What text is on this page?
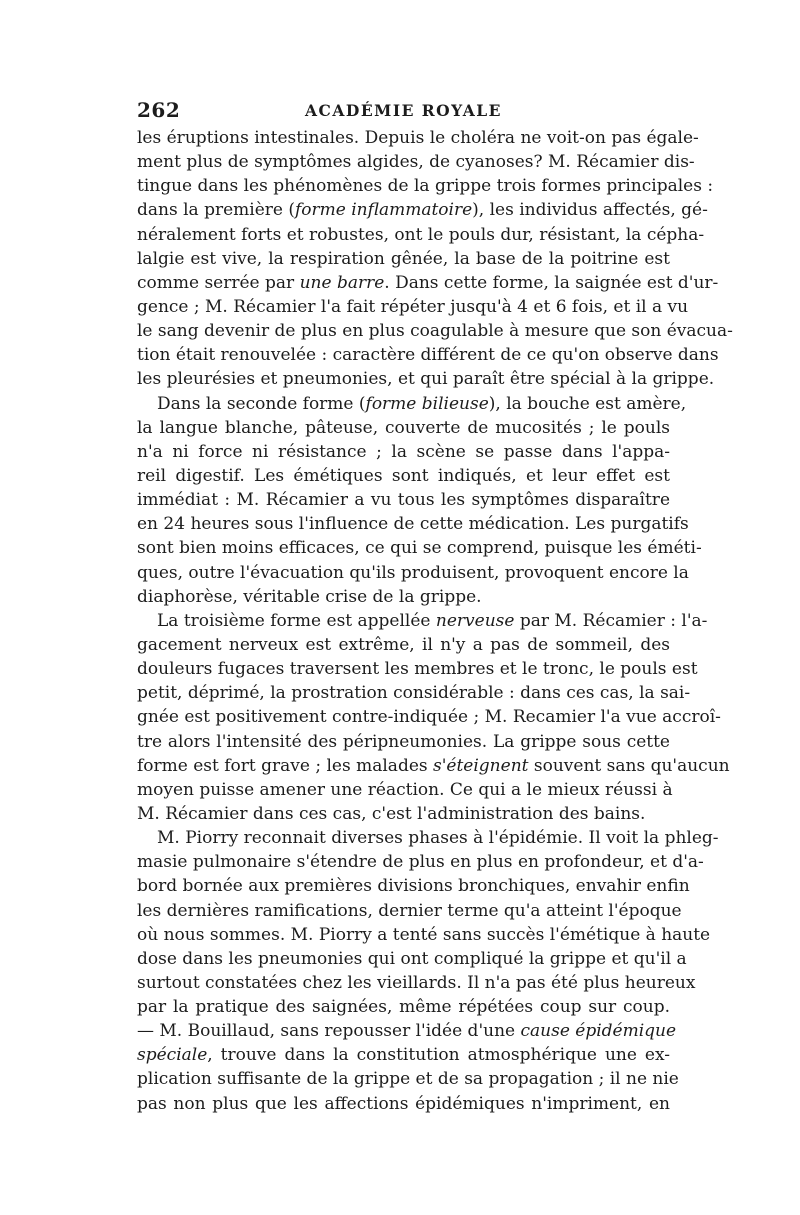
262	ACADÉMIE ROYALE
les éruptions intestinales. Depuis le choléra ne voit-on pas égale-
ment plus de symptômes algides, de cyanoses? M. Récamier dis-
tingue dans les phénomènes de la grippe trois formes principales :
dans la première (forme inflammatoire), les individus affectés, gé-
néralement forts et robustes, ont le pouls dur, résistant, la cépha-
lalgie est vive, la respiration gênée, la base de la poitrine est
comme serrée par une barre. Dans cette forme, la saignée est d'ur-
gence ; M. Récamier l'a fait répéter jusqu'à 4 et 6 fois, et il a vu
le sang devenir de plus en plus coagulable à mesure que son évacua-
tion était renouvelée : caractère différent de ce qu'on observe dans
les pleurésies et pneumonies, et qui paraît être spécial à la grippe.
Dans la seconde forme (forme bilieuse), la bouche est amère,
la langue blanche, pâteuse, couverte de mucosités ; le pouls
n'a ni force ni résistance ; la scène se passe dans l'appa-
reil digestif. Les émétiques sont indiqués, et leur effet est
immédiat : M. Récamier a vu tous les symptômes disparaître
en 24 heures sous l'influence de cette médication. Les purgatifs
sont bien moins efficaces, ce qui se comprend, puisque les éméti-
ques, outre l'évacuation qu'ils produisent, provoquent encore la
diaphorèse, véritable crise de la grippe.
La troisième forme est appellée nerveuse par M. Récamier : l'a-
gacement nerveux est extrême, il n'y a pas de sommeil, des
douleurs fugaces traversent les membres et le tronc, le pouls est
petit, déprimé, la prostration considérable : dans ces cas, la sai-
gnée est positivement contre-indiquée ; M. Recamier l'a vue accroî-
tre alors l'intensité des péripneumonies. La grippe sous cette
forme est fort grave ; les malades s'éteignent souvent sans qu'aucun
moyen puisse amener une réaction. Ce qui a le mieux réussi à
M. Récamier dans ces cas, c'est l'administration des bains.
M. Piorry reconnait diverses phases à l'épidémie. Il voit la phleg-
masie pulmonaire s'étendre de plus en plus en profondeur, et d'a-
bord bornée aux premières divisions bronchiques, envahir enfin
les dernières ramifications, dernier terme qu'a atteint l'époque
où nous sommes. M. Piorry a tenté sans succès l'émétique à haute
dose dans les pneumonies qui ont compliqué la grippe et qu'il a
surtout constatées chez les vieillards. Il n'a pas été plus heureux
par la pratique des saignées, même répétées coup sur coup.
— M. Bouillaud, sans repousser l'idée d'une cause épidémique
spéciale, trouve dans la constitution atmosphérique une ex-
plication suffisante de la grippe et de sa propagation ; il ne nie
pas non plus que les affections épidémiques n'impriment, en
